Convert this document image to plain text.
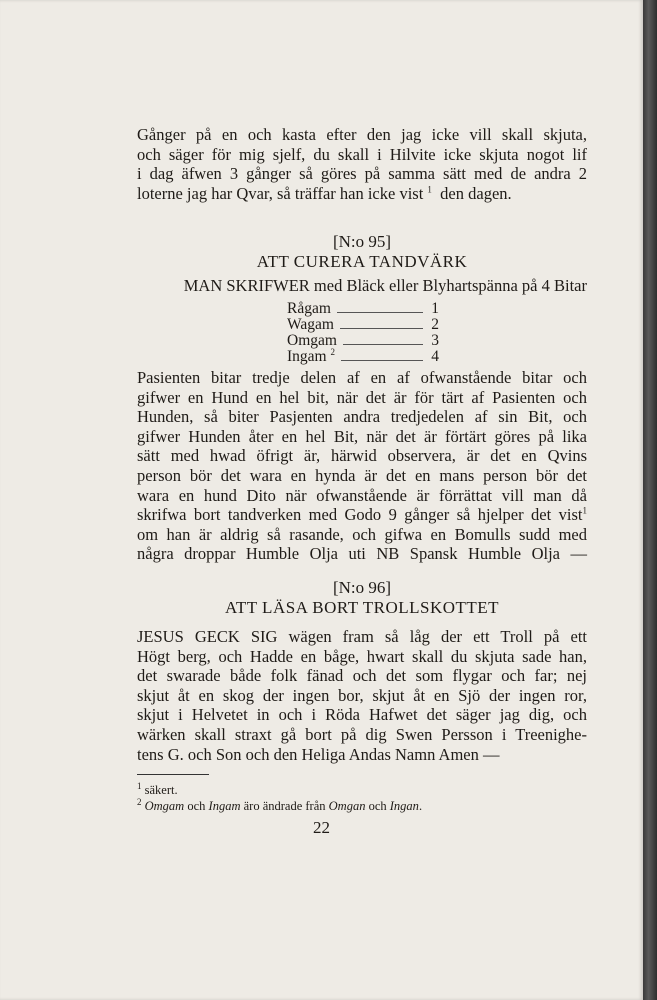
Gånger på en och kasta efter den jag icke vill skall skjuta,

och säger för mig sjelf, du skall i Hilvite icke skjuta nogot lif

i dag äfwen 3 gånger så göres på samma sätt med de andra 2

loterne jag har Qvar, så träffar han icke vist $^1$ den dagen.

[N:o 95]
ATT CURERA TANDVÄRK
MAN SKRIFWER med Bläck eller Blyhartspänna på 4 Bitar
Rågam	1
Wagam	2
Omgam	3
Ingam $^2$	4

Pasienten bitar tredje delen af en af ofwanstående bitar och

gifwer en Hund en hel bit, när det är för tärt af Pasienten och

Hunden, så biter Pasjenten andra tredjedelen af sin Bit, och

gifwer Hunden åter en hel Bit, när det är förtärt göres på lika

sätt med hwad öfrigt är, härwid observera, är det en Qvins

person bör det wara en hynda är det en mans person bör det

wara en hund Dito när ofwanstående är förrättat vill man då

skrifwa bort tandverken med Godo 9 gånger så hjelper det vist$^1$

om han är aldrig så rasande, och gifwa en Bomulls sudd med

några droppar Humble Olja uti NB Spansk Humble Olja —

[N:o 96]
ATT LÄSA BORT TROLLSKOTTET

JESUS GECK SIG wägen fram så låg der ett Troll på ett

Högt berg, och Hadde en båge, hwart skall du skjuta sade han,

det swarade både folk fänad och det som flygar och far; nej

skjut åt en skog der ingen bor, skjut åt en Sjö der ingen ror,

skjut i Helvetet in och i Röda Hafwet det säger jag dig, och

wärken skall straxt gå bort på dig Swen Persson i Treenighe-

tens G. och Son och den Heliga Andas Namn Amen —

$^1$ säkert.
$^2$ Omgam och Ingam äro ändrade från Omgan och Ingan.
22
